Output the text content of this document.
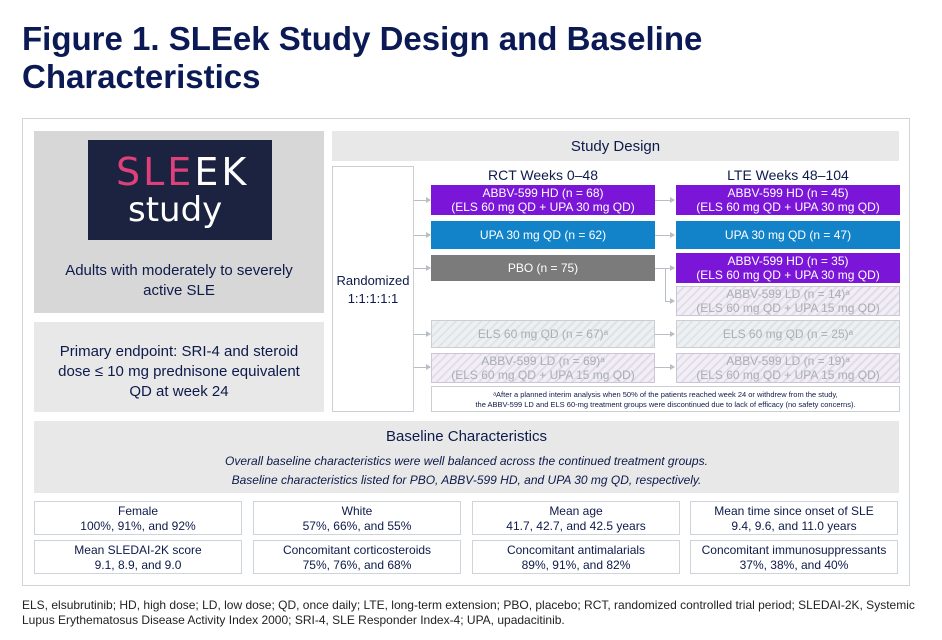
Figure 1. SLEek Study Design and Baseline Characteristics
SLEEK
study
Adults with moderately to severely active SLE
Primary endpoint: SRI-4 and steroid dose ≤ 10 mg prednisone equivalent QD at week 24
Study Design
RCT Weeks 0–48	LTE Weeks 48–104
Randomized
1:1:1:1:1
ABBV-599 HD (n = 68)
(ELS 60 mg QD + UPA 30 mg QD)
UPA 30 mg QD (n = 62)
PBO (n = 75)
ELS 60 mg QD (n = 67)ᵃ
ABBV-599 LD (n = 69)ᵃ
(ELS 60 mg QD + UPA 15 mg QD)
ABBV-599 HD (n = 45)
(ELS 60 mg QD + UPA 30 mg QD)
UPA 30 mg QD (n = 47)
ABBV-599 HD (n = 35)
(ELS 60 mg QD + UPA 30 mg QD)
ABBV-599 LD (n = 14)ᵃ
(ELS 60 mg QD + UPA 15 mg QD)
ELS 60 mg QD (n = 25)ᵃ
ABBV-599 LD (n = 19)ᵃ
(ELS 60 mg QD + UPA 15 mg QD)
ᵃAfter a planned interim analysis when 50% of the patients reached week 24 or withdrew from the study,
the ABBV-599 LD and ELS 60-mg treatment groups were discontinued due to lack of efficacy (no safety concerns).
Baseline Characteristics
Overall baseline characteristics were well balanced across the continued treatment groups.
Baseline characteristics listed for PBO, ABBV-599 HD, and UPA 30 mg QD, respectively.
Female
100%, 91%, and 92%
White
57%, 66%, and 55%
Mean age
41.7, 42.7, and 42.5 years
Mean time since onset of SLE
9.4, 9.6, and 11.0 years
Mean SLEDAI-2K score
9.1, 8.9, and 9.0
Concomitant corticosteroids
75%, 76%, and 68%
Concomitant antimalarials
89%, 91%, and 82%
Concomitant immunosuppressants
37%, 38%, and 40%
ELS, elsubrutinib; HD, high dose; LD, low dose; QD, once daily; LTE, long-term extension; PBO, placebo; RCT, randomized controlled trial period; SLEDAI-2K, Systemic Lupus Erythematosus Disease Activity Index 2000; SRI-4, SLE Responder Index-4; UPA, upadacitinib.
